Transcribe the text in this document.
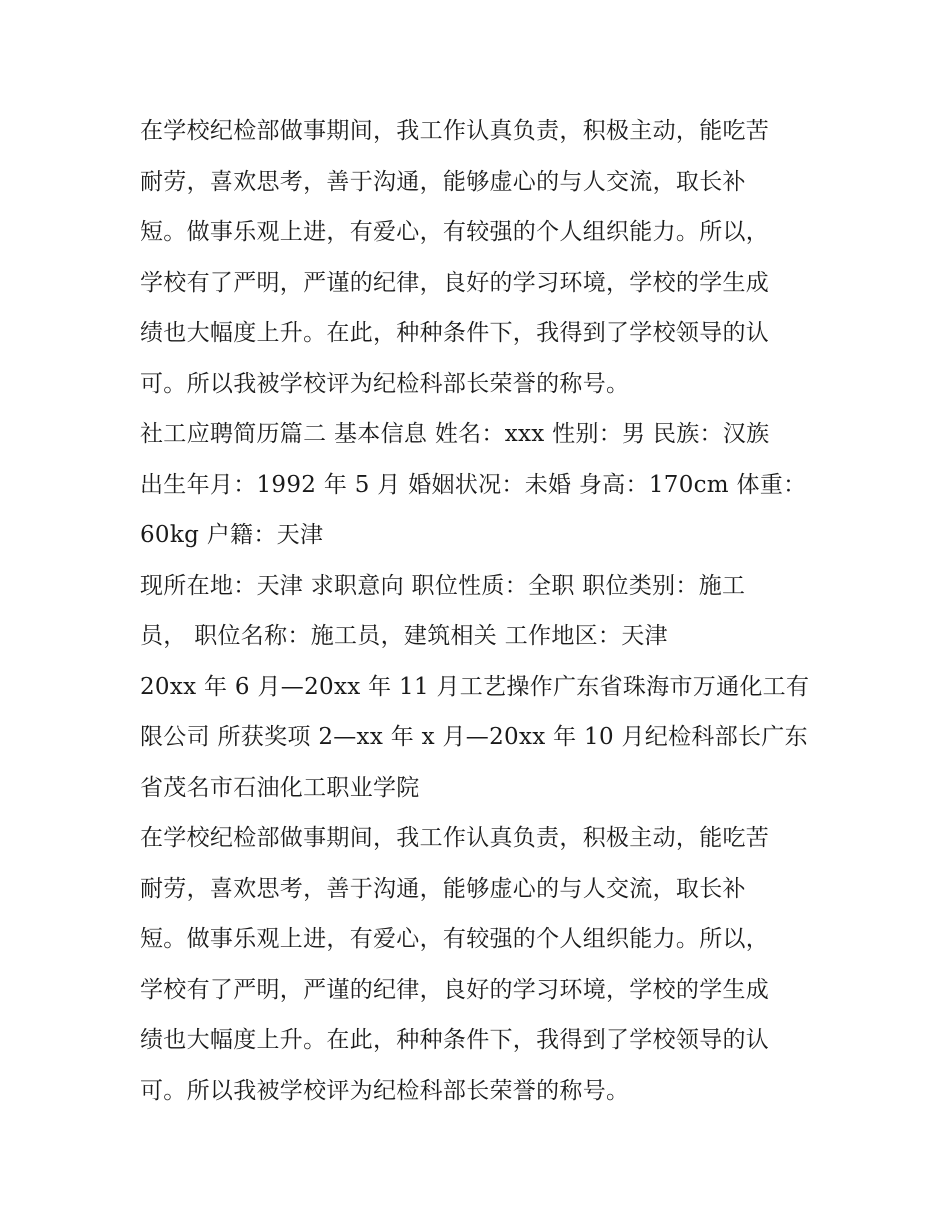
在学校纪检部做事期间，我工作认真负责，积极主动，能吃苦
耐劳，喜欢思考，善于沟通，能够虚心的与人交流，取长补
短。做事乐观上进，有爱心，有较强的个人组织能力。所以，
学校有了严明，严谨的纪律，良好的学习环境，学校的学生成
绩也大幅度上升。在此，种种条件下，我得到了学校领导的认
可。所以我被学校评为纪检科部长荣誉的称号。
社工应聘简历篇二 基本信息 姓名：xxx 性别：男 民族：汉族
出生年月：1992 年 5 月 婚姻状况：未婚 身高：170cm 体重：
60kg 户籍：天津
现所在地：天津 求职意向 职位性质：全职 职位类别：施工
员， 职位名称：施工员，建筑相关 工作地区：天津
20xx 年 6 月—20xx 年 11 月工艺操作广东省珠海市万通化工有
限公司 所获奖项 2—xx 年 x 月—20xx 年 10 月纪检科部长广东
省茂名市石油化工职业学院
在学校纪检部做事期间，我工作认真负责，积极主动，能吃苦
耐劳，喜欢思考，善于沟通，能够虚心的与人交流，取长补
短。做事乐观上进，有爱心，有较强的个人组织能力。所以，
学校有了严明，严谨的纪律，良好的学习环境，学校的学生成
绩也大幅度上升。在此，种种条件下，我得到了学校领导的认
可。所以我被学校评为纪检科部长荣誉的称号。
